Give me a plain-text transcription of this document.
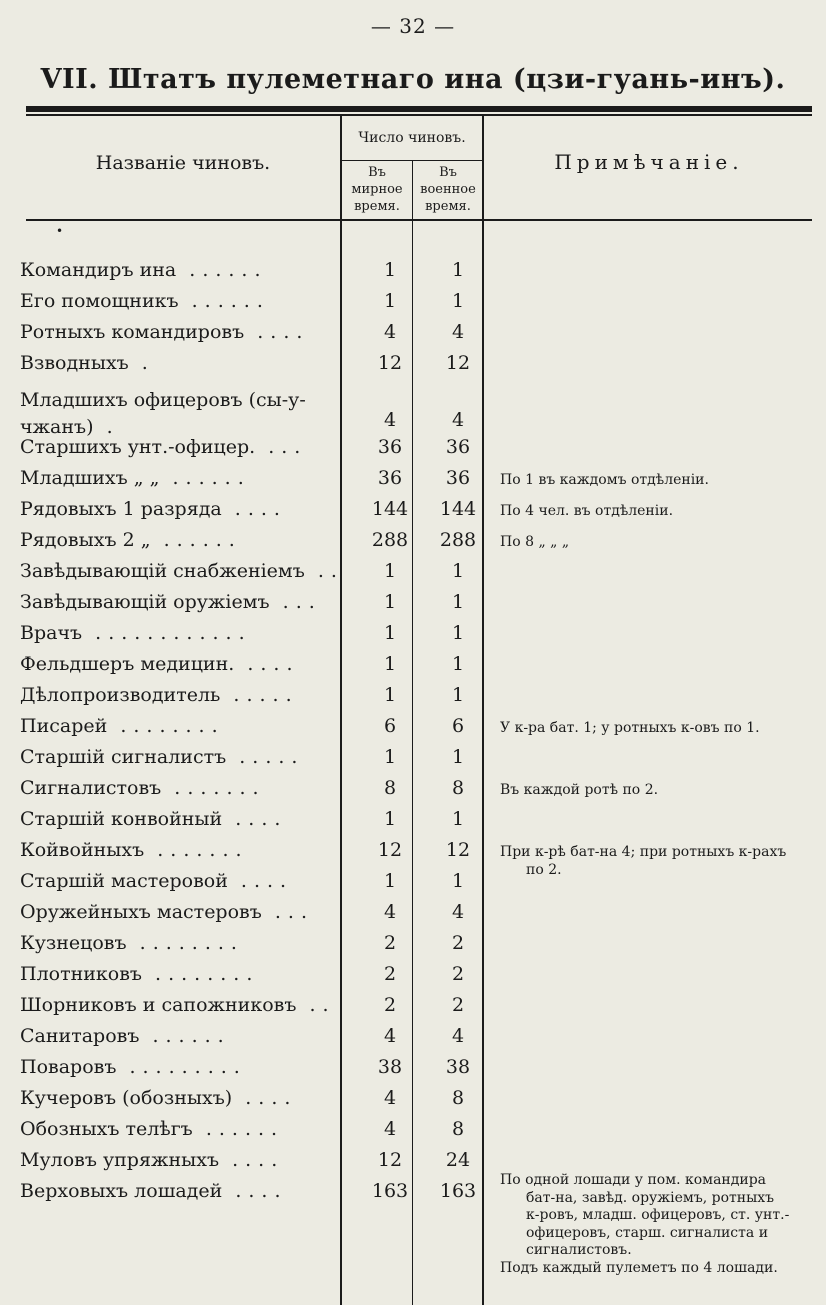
— 32 —
VII. Штатъ пулеметнаго ина (цзи-гуань-инъ).
Названіе чиновъ.
Число чиновъ.
Въ
мирное
время.
Въ
военное
время.
Примѣчаніе.
•
Командиръ ина ......	1	1
Его помощникъ ......	1	1
Ротныхъ командировъ ....	4	4
Взводныхъ .	12	12
Младшихъ офицеровъ (сы-у-
чжанъ) .	4	4
Старшихъ унт.-офицер. ...	36	36
Младшихъ „ „ ......	36	36	По 1 въ каждомъ отдѣленіи.
Рядовыхъ 1 разряда ....	144	144	По 4 чел. въ отдѣленіи.
Рядовыхъ 2 „ ......	288	288	По 8 „ „ „
Завѣдывающій снабженіемъ ..	1	1
Завѣдывающій оружіемъ ...	1	1
Врачъ ............	1	1
Фельдшеръ медицин. ....	1	1
Дѣлопроизводитель .....	1	1
Писарей ........	6	6	У к-ра бат. 1; у ротныхъ к-овъ по 1.
Старшій сигналистъ .....	1	1
Сигналистовъ .......	8	8	Въ каждой ротѣ по 2.
Старшій конвойный ....	1	1
Койвойныхъ .......	12	12	При к-рѣ бат-на 4; при ротныхъ к-рахъ
по 2.
Старшій мастеровой ....	1	1
Оружейныхъ мастеровъ ...	4	4
Кузнецовъ ........	2	2
Плотниковъ ........	2	2
Шорниковъ и сапожниковъ ..	2	2
Санитаровъ ......	4	4
Поваровъ .........	38	38
Кучеровъ (обозныхъ) ....	4	8
Обозныхъ телѣгъ ......	4	8
Муловъ упряжныхъ ....	12	24
Верховыхъ лошадей ....	163	163	По одной лошади у пом. командира
бат-на, завѣд. оружіемъ, ротныхъ
к-ровъ, младш. офицеровъ, ст. унт.-
офицеровъ, старш. сигналиста и
сигналистовъ.
Подъ каждый пулеметъ по 4 лошади.
